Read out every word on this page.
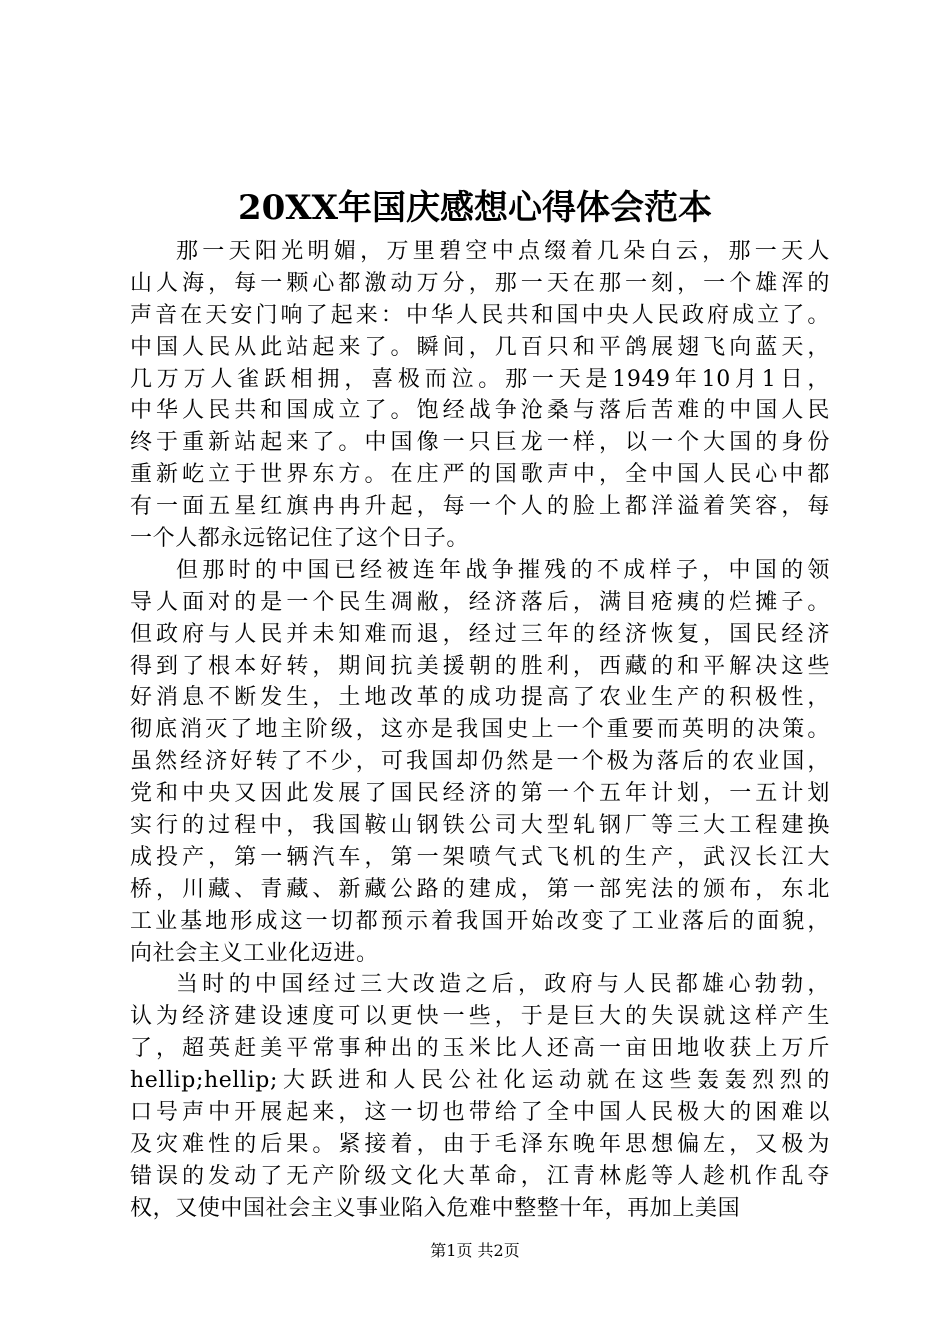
20XX年国庆感想心得体会范本
那一天阳光明媚，万里碧空中点缀着几朵白云，那一天人
山人海，每一颗心都激动万分，那一天在那一刻，一个雄浑的
声音在天安门响了起来：中华人民共和国中央人民政府成立了。
中国人民从此站起来了。瞬间，几百只和平鸽展翅飞向蓝天，
几万万人雀跃相拥，喜极而泣。那一天是1949年10月1日，
中华人民共和国成立了。饱经战争沧桑与落后苦难的中国人民
终于重新站起来了。中国像一只巨龙一样，以一个大国的身份
重新屹立于世界东方。在庄严的国歌声中，全中国人民心中都
有一面五星红旗冉冉升起，每一个人的脸上都洋溢着笑容，每
一个人都永远铭记住了这个日子。
但那时的中国已经被连年战争摧残的不成样子，中国的领
导人面对的是一个民生凋敝，经济落后，满目疮痍的烂摊子。
但政府与人民并未知难而退，经过三年的经济恢复，国民经济
得到了根本好转，期间抗美援朝的胜利，西藏的和平解决这些
好消息不断发生，土地改革的成功提高了农业生产的积极性，
彻底消灭了地主阶级，这亦是我国史上一个重要而英明的决策。
虽然经济好转了不少，可我国却仍然是一个极为落后的农业国，
党和中央又因此发展了国民经济的第一个五年计划，一五计划
实行的过程中，我国鞍山钢铁公司大型轧钢厂等三大工程建换
成投产，第一辆汽车，第一架喷气式飞机的生产，武汉长江大
桥，川藏、青藏、新藏公路的建成，第一部宪法的颁布，东北
工业基地形成这一切都预示着我国开始改变了工业落后的面貌，
向社会主义工业化迈进。
当时的中国经过三大改造之后，政府与人民都雄心勃勃，
认为经济建设速度可以更快一些，于是巨大的失误就这样产生
了，超英赶美平常事种出的玉米比人还高一亩田地收获上万斤
hellip;hellip;大跃进和人民公社化运动就在这些轰轰烈烈的
口号声中开展起来，这一切也带给了全中国人民极大的困难以
及灾难性的后果。紧接着，由于毛泽东晚年思想偏左，又极为
错误的发动了无产阶级文化大革命，江青林彪等人趁机作乱夺
权，又使中国社会主义事业陷入危难中整整十年，再加上美国
第1页 共2页
